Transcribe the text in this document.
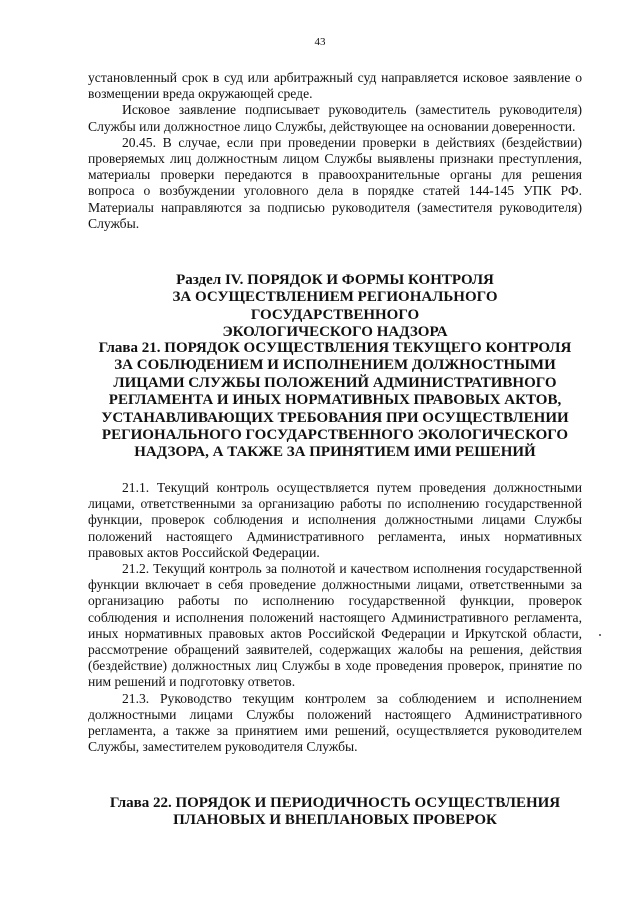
43

установленный срок в суд или арбитражный суд направляется исковое заявление о возмещении вреда окружающей среде.

Исковое заявление подписывает руководитель (заместитель руководителя) Службы или должностное лицо Службы, действующее на основании доверенности.

20.45. В случае, если при проведении проверки в действиях (бездействии) проверяемых лиц должностным лицом Службы выявлены признаки преступления, материалы проверки передаются в правоохранительные органы для решения вопроса о возбуждении уголовного дела в порядке статей 144-145 УПК РФ. Материалы направляются за подписью руководителя (заместителя руководителя) Службы.

Раздел IV. ПОРЯДОК И ФОРМЫ КОНТРОЛЯ
ЗА ОСУЩЕСТВЛЕНИЕМ РЕГИОНАЛЬНОГО ГОСУДАРСТВЕННОГО
ЭКОЛОГИЧЕСКОГО НАДЗОРА
Глава 21. ПОРЯДОК ОСУЩЕСТВЛЕНИЯ ТЕКУЩЕГО КОНТРОЛЯ
ЗА СОБЛЮДЕНИЕМ И ИСПОЛНЕНИЕМ ДОЛЖНОСТНЫМИ
ЛИЦАМИ СЛУЖБЫ ПОЛОЖЕНИЙ АДМИНИСТРАТИВНОГО
РЕГЛАМЕНТА И ИНЫХ НОРМАТИВНЫХ ПРАВОВЫХ АКТОВ,
УСТАНАВЛИВАЮЩИХ ТРЕБОВАНИЯ ПРИ ОСУЩЕСТВЛЕНИИ
РЕГИОНАЛЬНОГО ГОСУДАРСТВЕННОГО ЭКОЛОГИЧЕСКОГО
НАДЗОРА, А ТАКЖЕ ЗА ПРИНЯТИЕМ ИМИ РЕШЕНИЙ

21.1. Текущий контроль осуществляется путем проведения должностными лицами, ответственными за организацию работы по исполнению государственной функции, проверок соблюдения и исполнения должностными лицами Службы положений настоящего Административного регламента, иных нормативных правовых актов Российской Федерации.

21.2. Текущий контроль за полнотой и качеством исполнения государственной функции включает в себя проведение должностными лицами, ответственными за организацию работы по исполнению государственной функции, проверок соблюдения и исполнения положений настоящего Административного регламента, иных нормативных правовых актов Российской Федерации и Иркутской области, рассмотрение обращений заявителей, содержащих жалобы на решения, действия (бездействие) должностных лиц Службы в ходе проведения проверок, принятие по ним решений и подготовку ответов.

21.3. Руководство текущим контролем за соблюдением и исполнением должностными лицами Службы положений настоящего Административного регламента, а также за принятием ими решений, осуществляется руководителем Службы, заместителем руководителя Службы.

Глава 22. ПОРЯДОК И ПЕРИОДИЧНОСТЬ ОСУЩЕСТВЛЕНИЯ
ПЛАНОВЫХ И ВНЕПЛАНОВЫХ ПРОВЕРОК
